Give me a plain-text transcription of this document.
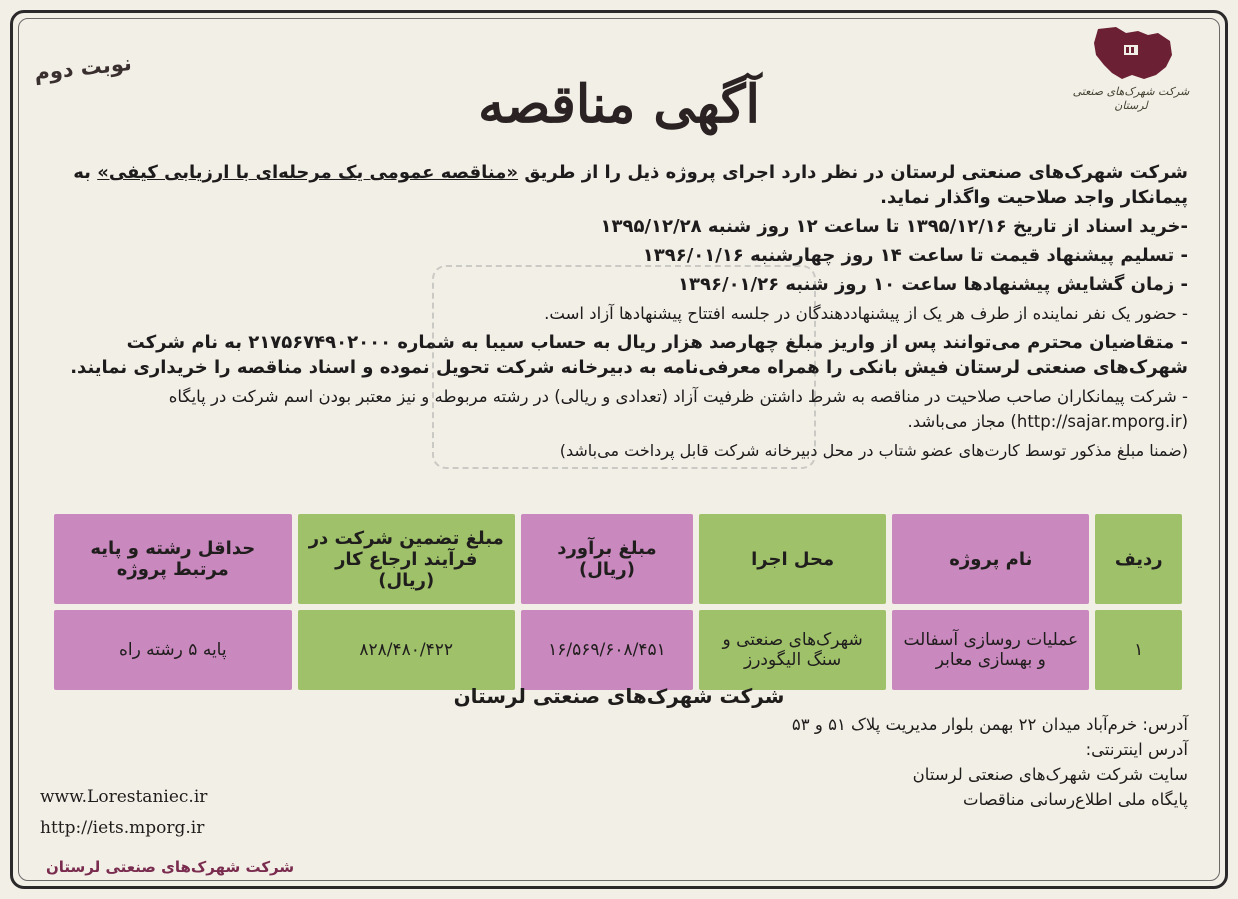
نوبت دوم
آگهی مناقصه	شرکت شهرک‌های صنعتی لرستان

شرکت شهرک‌های صنعتی لرستان در نظر دارد اجرای پروژه ذیل را از طریق «مناقصه عمومی یک مرحله‌ای با ارزیابی کیفی» به پیمانکار واجد صلاحیت واگذار نماید.

-خرید اسناد از تاریخ ۱۳۹۵/۱۲/۱۶ تا ساعت ۱۲ روز شنبه ۱۳۹۵/۱۲/۲۸

- تسلیم پیشنهاد قیمت تا ساعت ۱۴ روز چهارشنبه ۱۳۹۶/۰۱/۱۶

- زمان گشایش پیشنهادها ساعت ۱۰ روز شنبه ۱۳۹۶/۰۱/۲۶

- حضور یک نفر نماینده از طرف هر یک از پیشنهاددهندگان در جلسه افتتاح پیشنهادها آزاد است.

- متقاضیان محترم می‌توانند پس از واریز مبلغ چهارصد هزار ریال به حساب سیبا به شماره ۲۱۷۵۶۷۴۹۰۲۰۰۰ به نام شرکت شهرک‌های صنعتی لرستان فیش بانکی را همراه معرفی‌نامه به دبیرخانه شرکت تحویل نموده و اسناد مناقصه را خریداری نمایند.

- شرکت پیمانکاران صاحب صلاحیت در مناقصه به شرط داشتن ظرفیت آزاد (تعدادی و ریالی) در رشته مربوطه و نیز معتبر بودن اسم شرکت در پایگاه (http://sajar.mporg.ir) مجاز می‌باشد.

(ضمنا مبلغ مذکور توسط کارت‌های عضو شتاب در محل دبیرخانه شرکت قابل پرداخت می‌باشد)

ردیف	نام پروژه	محل اجرا	مبلغ برآورد (ریال)	مبلغ تضمین شرکت در فرآیند ارجاع کار (ریال)	حداقل رشته و پایه مرتبط پروژه
۱	عملیات روسازی آسفالت و بهسازی معابر	شهرک‌های صنعتی و سنگ الیگودرز	۱۶/۵۶۹/۶۰۸/۴۵۱	۸۲۸/۴۸۰/۴۲۲	پایه ۵ رشته راه
شرکت شهرک‌های صنعتی لرستان
آدرس: خرم‌آباد میدان ۲۲ بهمن بلوار مدیریت پلاک ۵۱ و ۵۳
آدرس اینترنتی:
سایت شرکت شهرک‌های صنعتی لرستان
پایگاه ملی اطلاع‌رسانی مناقصات
www.Lorestaniec.ir
http://iets.mporg.ir
شرکت شهرک‌های صنعتی لرستان
